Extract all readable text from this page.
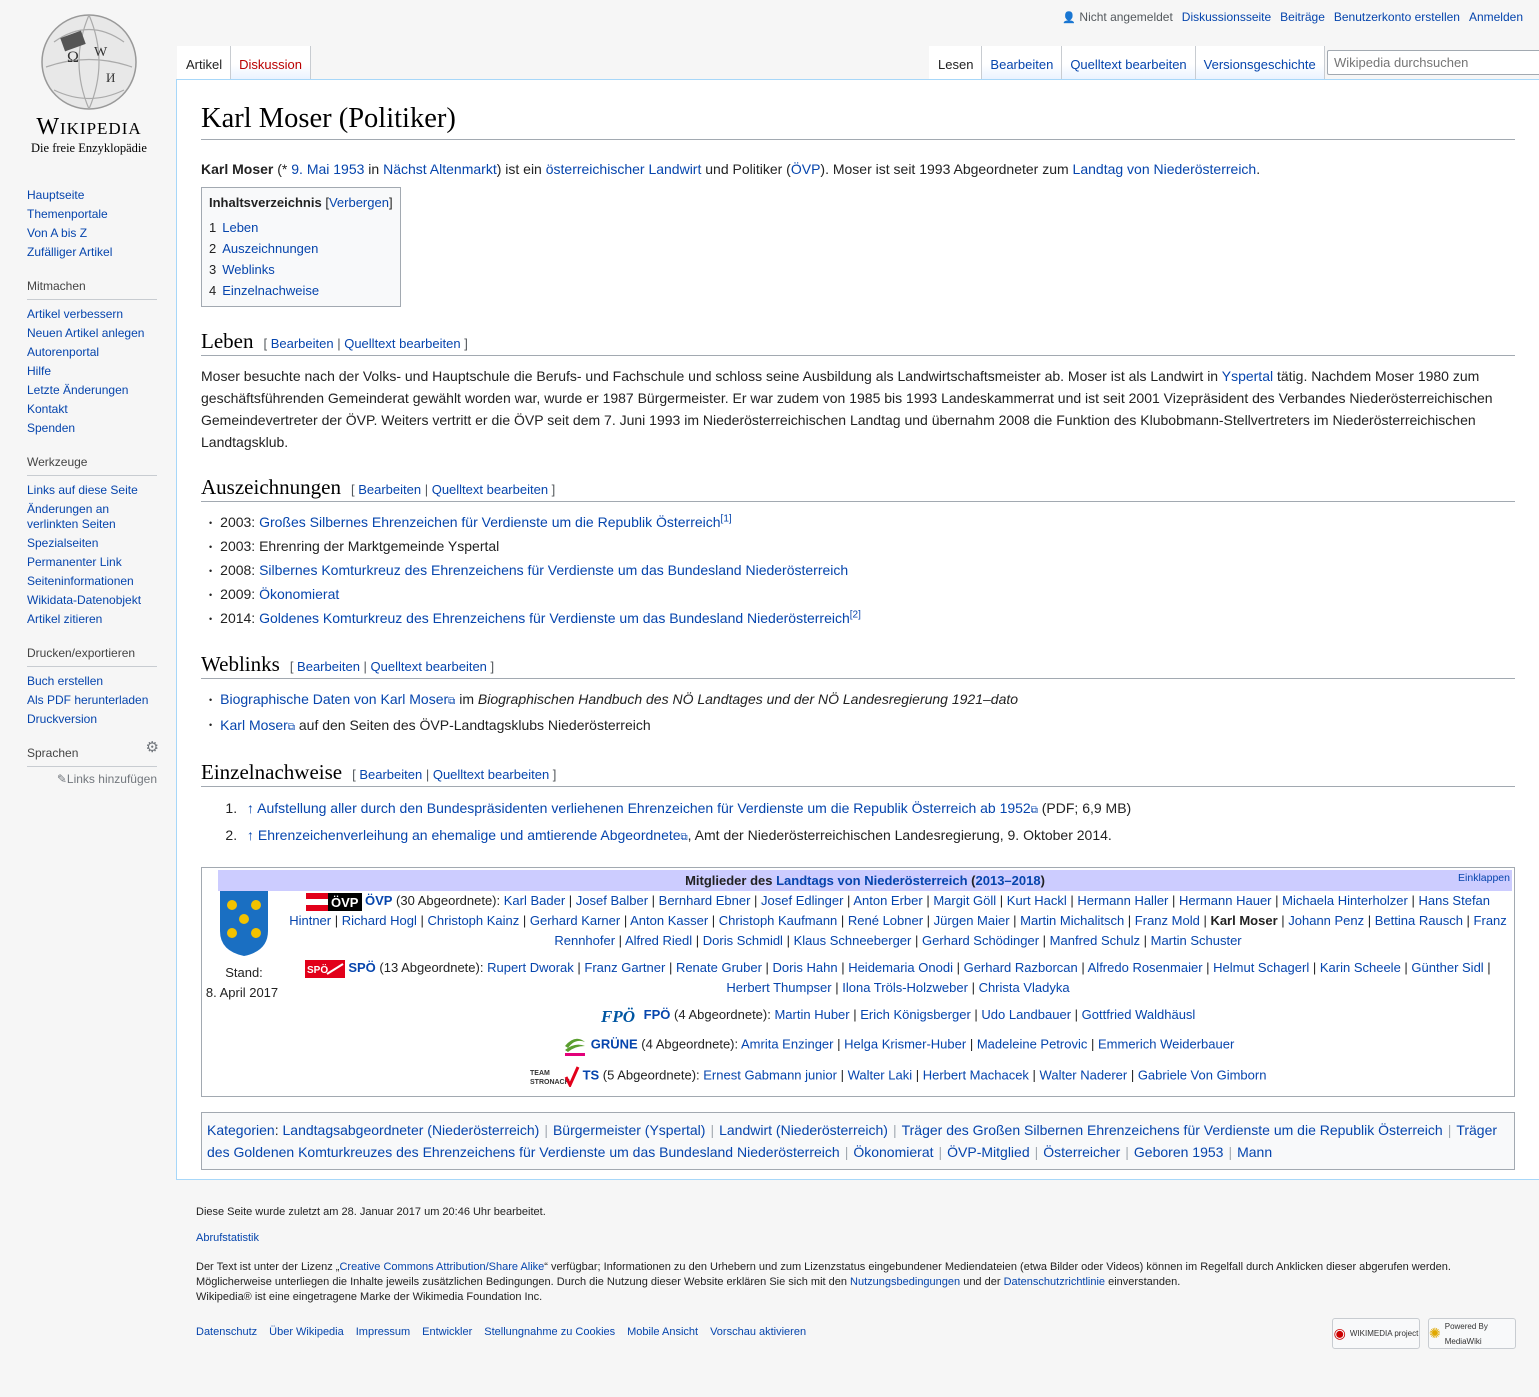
Ω W
И
Wikipedia
Die freie Enzyklopädie
👤 Nicht angemeldet Diskussionsseite Beiträge Benutzerkonto erstellen Anmelden
Artikel	Diskussion	Lesen	Bearbeiten	Quelltext bearbeiten	Versionsgeschichte
Wikipedia durchsuchen
Hauptseite
Themenportale
Von A bis Z
Zufälliger Artikel
Mitmachen
Artikel verbessern
Neuen Artikel anlegen
Autorenportal
Hilfe
Letzte Änderungen
Kontakt
Spenden
Werkzeuge
Links auf diese Seite
Änderungen an verlinkten Seiten
Spezialseiten
Permanenter Link
Seiteninformationen
Wikidata-Datenobjekt
Artikel zitieren
Drucken/exportieren
Buch erstellen
Als PDF herunterladen
Druckversion
⚙
Sprachen
✎Links hinzufügen
Karl Moser (Politiker)

Karl Moser (* 9. Mai 1953 in Nächst Altenmarkt) ist ein österreichischer Landwirt und Politiker (ÖVP). Moser ist seit 1993 Abgeordneter zum Landtag von Niederösterreich.

Inhaltsverzeichnis [Verbergen]
1 Leben
2 Auszeichnungen
3 Weblinks
4 Einzelnachweise
Leben [ Bearbeiten | Quelltext bearbeiten ]

Moser besuchte nach der Volks- und Hauptschule die Berufs- und Fachschule und schloss seine Ausbildung als Landwirtschaftsmeister ab. Moser ist als Landwirt in Yspertal tätig. Nachdem Moser 1980 zum geschäftsführenden Gemeinderat gewählt worden war, wurde er 1987 Bürgermeister. Er war zudem von 1985 bis 1993 Landeskammerrat und ist seit 2001 Vizepräsident des Verbandes Niederösterreichischen Gemeindevertreter der ÖVP. Weiters vertritt er die ÖVP seit dem 7. Juni 1993 im Niederösterreichischen Landtag und übernahm 2008 die Funktion des Klubobmann-Stellvertreters im Niederösterreichischen Landtagsklub.

Auszeichnungen [ Bearbeiten | Quelltext bearbeiten ]
• 2003: Großes Silbernes Ehrenzeichen für Verdienste um die Republik Österreich[1]
• 2003: Ehrenring der Marktgemeinde Yspertal
• 2008: Silbernes Komturkreuz des Ehrenzeichens für Verdienste um das Bundesland Niederösterreich
• 2009: Ökonomierat
• 2014: Goldenes Komturkreuz des Ehrenzeichens für Verdienste um das Bundesland Niederösterreich[2]
Weblinks [ Bearbeiten | Quelltext bearbeiten ]
• Biographische Daten von Karl Moser⧉ im Biographischen Handbuch des NÖ Landtages und der NÖ Landesregierung 1921–dato
• Karl Moser⧉ auf den Seiten des ÖVP-Landtagsklubs Niederösterreich
Einzelnachweise [ Bearbeiten | Quelltext bearbeiten ]
1. ↑ Aufstellung aller durch den Bundespräsidenten verliehenen Ehrenzeichen für Verdienste um die Republik Österreich ab 1952⧉ (PDF; 6,9 MB)
2. ↑ Ehrenzeichenverleihung an ehemalige und amtierende Abgeordnete⧉, Amt der Niederösterreichischen Landesregierung, 9. Oktober 2014.
Mitglieder des Landtags von Niederösterreich (2013–2018)	Einklappen
Stand:
8. April 2017
ÖVP ÖVP (30 Abgeordnete): Karl Bader | Josef Balber | Bernhard Ebner | Josef Edlinger | Anton Erber | Margit Göll | Kurt Hackl | Hermann Haller | Hermann Hauer | Michaela Hinterholzer | Hans Stefan Hintner | Richard Hogl | Christoph Kainz | Gerhard Karner | Anton Kasser | Christoph Kaufmann | René Lobner | Jürgen Maier | Martin Michalitsch | Franz Mold | Karl Moser | Johann Penz | Bettina Rausch | Franz Rennhofer | Alfred Riedl | Doris Schmidl | Klaus Schneeberger | Gerhard Schödinger | Manfred Schulz | Martin Schuster
SPÖ SPÖ (13 Abgeordnete): Rupert Dworak | Franz Gartner | Renate Gruber | Doris Hahn | Heidemaria Onodi | Gerhard Razborcan | Alfredo Rosenmaier | Helmut Schagerl | Karin Scheele | Günther Sidl | Herbert Thumpser | Ilona Tröls-Holzweber | Christa Vladyka
FPÖ FPÖ (4 Abgeordnete): Martin Huber | Erich Königsberger | Udo Landbauer | Gottfried Waldhäusl
GRÜNE (4 Abgeordnete): Amrita Enzinger | Helga Krismer-Huber | Madeleine Petrovic | Emmerich Weiderbauer
TEAM
STRONACH
TS (5 Abgeordnete): Ernest Gabmann junior | Walter Laki | Herbert Machacek | Walter Naderer | Gabriele Von Gimborn
Kategorien: Landtagsabgeordneter (Niederösterreich) | Bürgermeister (Yspertal) | Landwirt (Niederösterreich) | Träger des Großen Silbernen Ehrenzeichens für Verdienste um die Republik Österreich | Träger des Goldenen Komturkreuzes des Ehrenzeichens für Verdienste um das Bundesland Niederösterreich | Ökonomierat | ÖVP-Mitglied | Österreicher | Geboren 1953 | Mann

Diese Seite wurde zuletzt am 28. Januar 2017 um 20:46 Uhr bearbeitet.

Abrufstatistik

Der Text ist unter der Lizenz „Creative Commons Attribution/Share Alike“ verfügbar; Informationen zu den Urhebern und zum Lizenzstatus eingebundener Mediendateien (etwa Bilder oder Videos) können im Regelfall durch Anklicken dieser abgerufen werden.
Möglicherweise unterliegen die Inhalte jeweils zusätzlichen Bedingungen. Durch die Nutzung dieser Website erklären Sie sich mit den Nutzungsbedingungen und der Datenschutzrichtlinie einverstanden.
Wikipedia® ist eine eingetragene Marke der Wikimedia Foundation Inc.
Datenschutz Über Wikipedia Impressum Entwickler Stellungnahme zu Cookies Mobile Ansicht Vorschau aktivieren	◉ WIKIMEDIA project ✺ Powered By MediaWiki
